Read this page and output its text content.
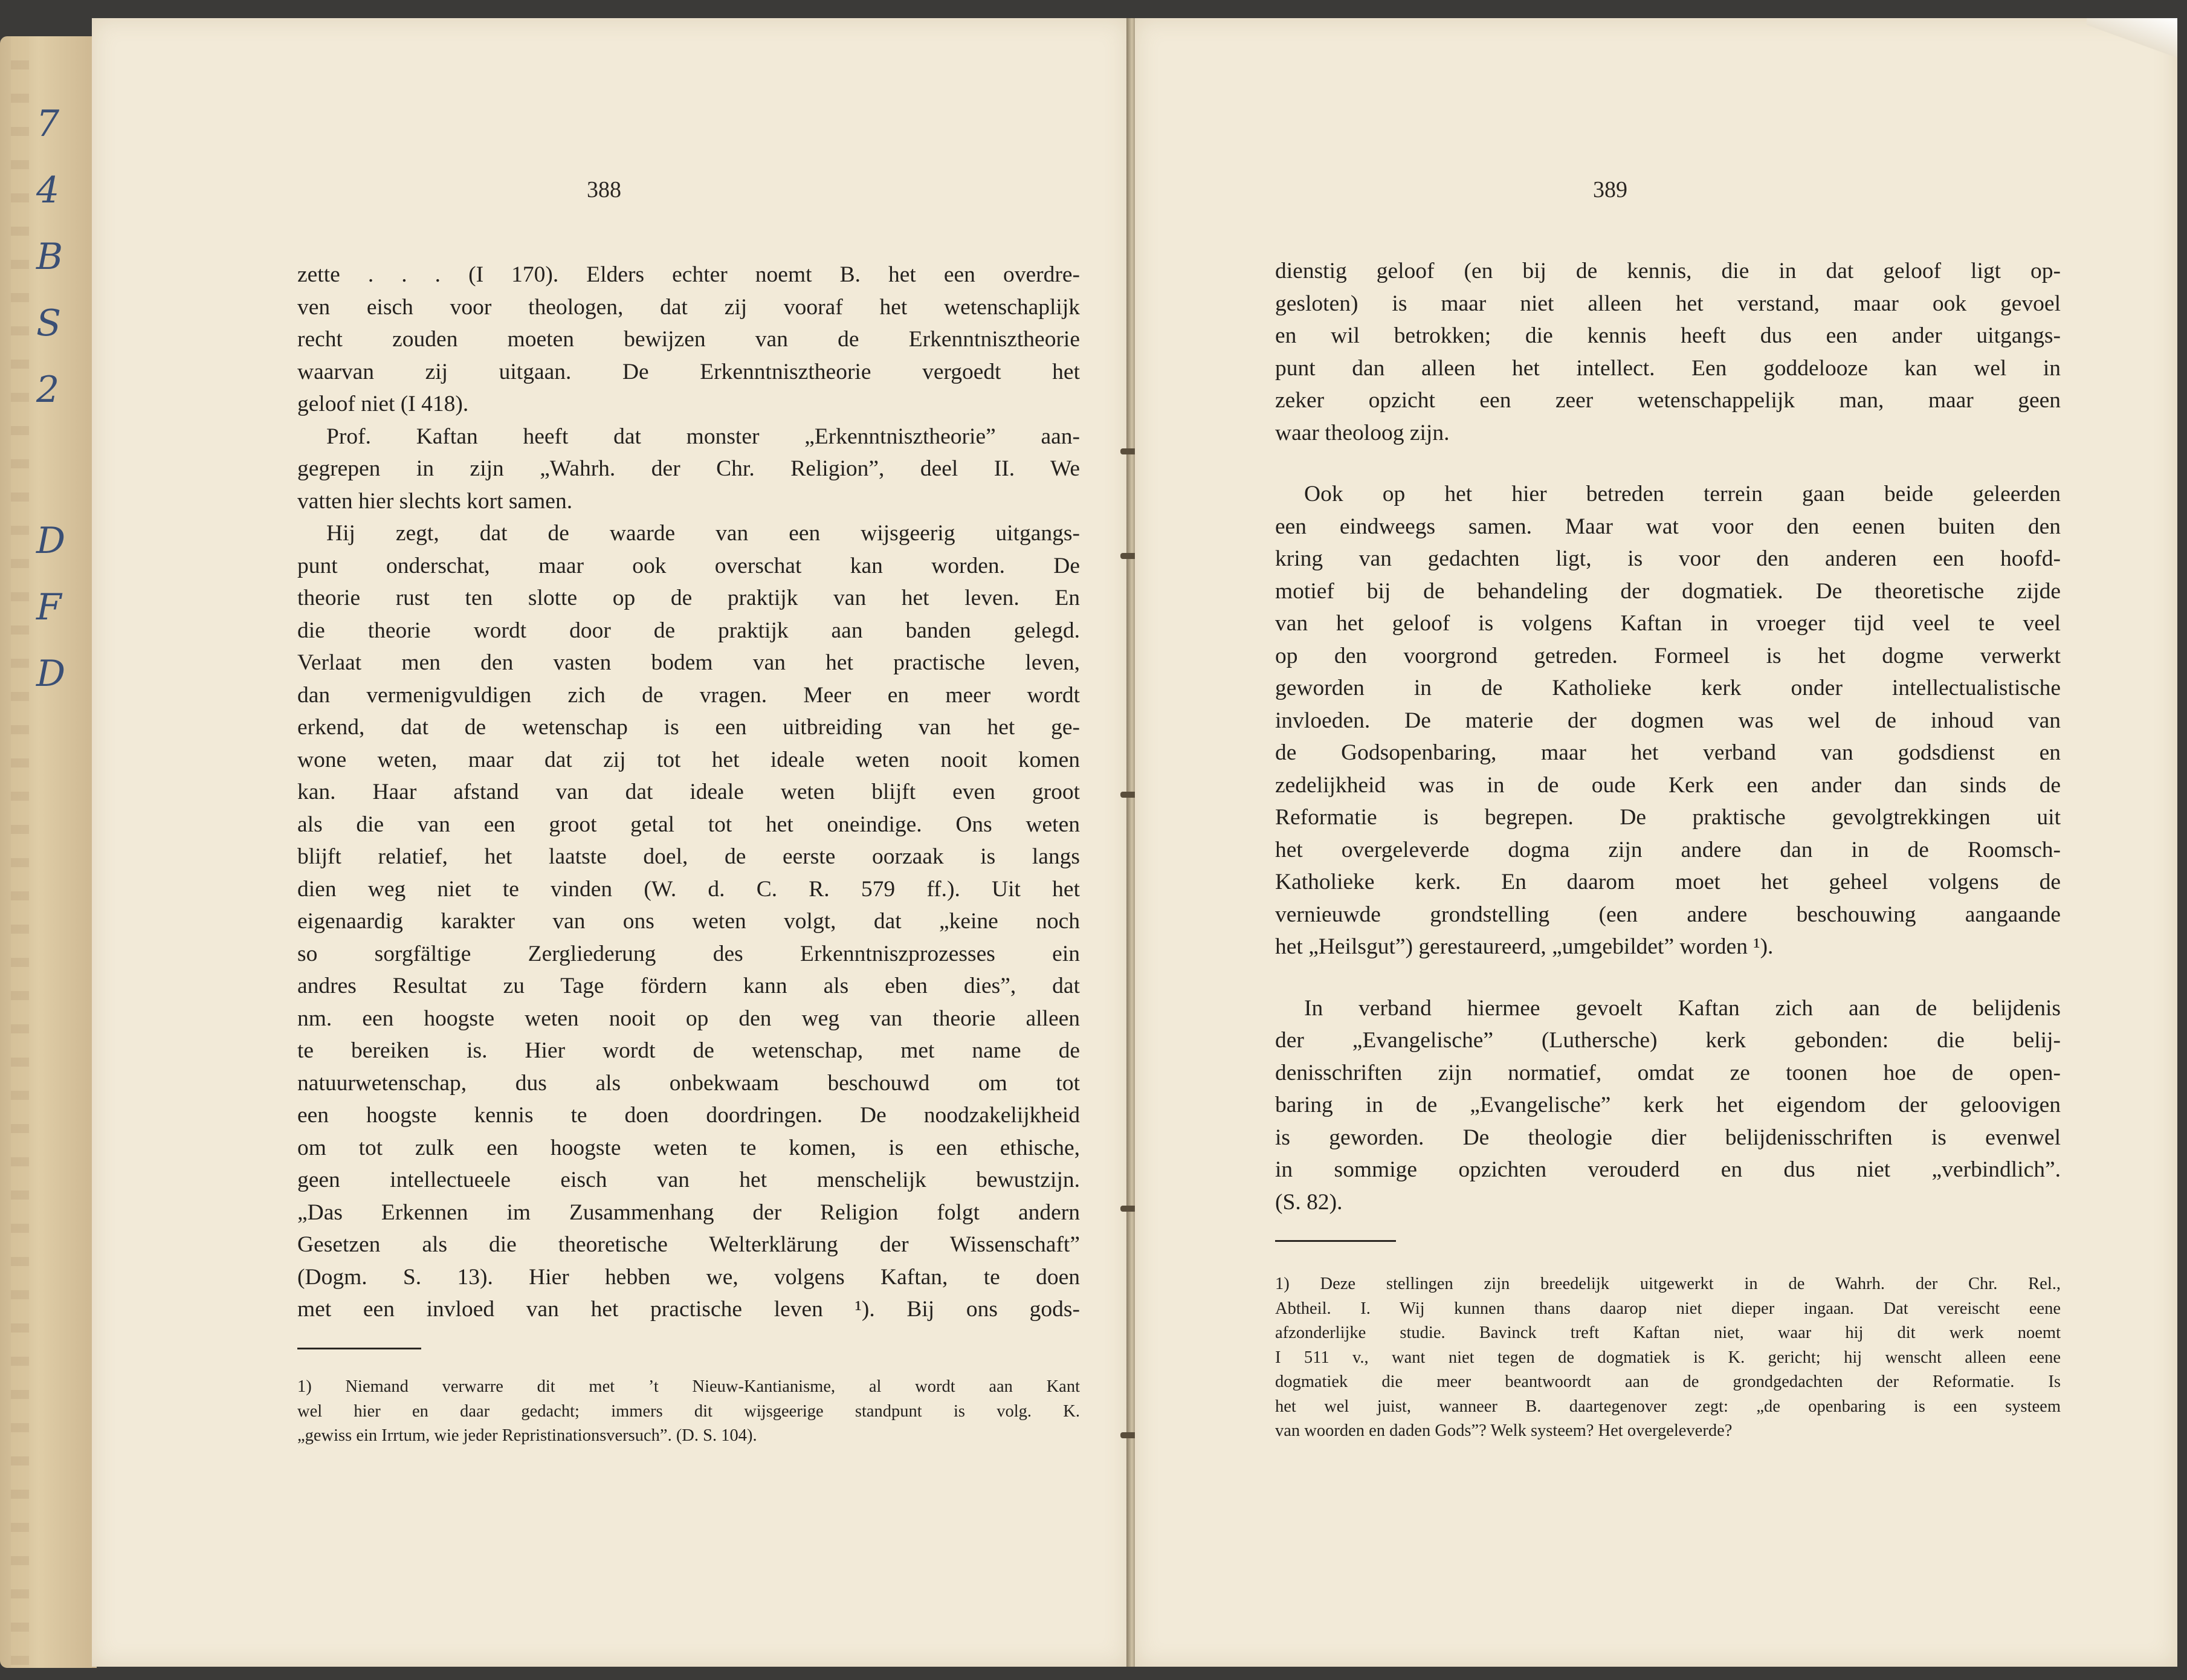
7
4
B
S
2
D
F
D
388
zette . . . (I 170). Elders echter noemt B. het een overdre-
ven eisch voor theologen, dat zij vooraf het wetenschaplijk
recht zouden moeten bewijzen van de Erkenntnisztheorie
waarvan zij uitgaan. De Erkenntnisztheorie vergoedt het
geloof niet (I 418).
Prof. Kaftan heeft dat monster „Erkenntnisztheorie” aan-
gegrepen in zijn „Wahrh. der Chr. Religion”, deel II. We
vatten hier slechts kort samen.
Hij zegt, dat de waarde van een wijsgeerig uitgangs-
punt onderschat, maar ook overschat kan worden. De
theorie rust ten slotte op de praktijk van het leven. En
die theorie wordt door de praktijk aan banden gelegd.
Verlaat men den vasten bodem van het practische leven,
dan vermenigvuldigen zich de vragen. Meer en meer wordt
erkend, dat de wetenschap is een uitbreiding van het ge-
wone weten, maar dat zij tot het ideale weten nooit komen
kan. Haar afstand van dat ideale weten blijft even groot
als die van een groot getal tot het oneindige. Ons weten
blijft relatief, het laatste doel, de eerste oorzaak is langs
dien weg niet te vinden (W. d. C. R. 579 ff.). Uit het
eigenaardig karakter van ons weten volgt, dat „keine noch
so sorgfältige Zergliederung des Erkenntniszprozesses ein
andres Resultat zu Tage fördern kann als eben dies”, dat
nm. een hoogste weten nooit op den weg van theorie alleen
te bereiken is. Hier wordt de wetenschap, met name de
natuurwetenschap, dus als onbekwaam beschouwd om tot
een hoogste kennis te doen doordringen. De noodzakelijkheid
om tot zulk een hoogste weten te komen, is een ethische,
geen intellectueele eisch van het menschelijk bewustzijn.
„Das Erkennen im Zusammenhang der Religion folgt andern
Gesetzen als die theoretische Welterklärung der Wissenschaft”
(Dogm. S. 13). Hier hebben we, volgens Kaftan, te doen
met een invloed van het practische leven ¹). Bij ons gods-
1) Niemand verwarre dit met ’t Nieuw-Kantianisme, al wordt aan Kant
wel hier en daar gedacht; immers dit wijsgeerige standpunt is volg. K.
„gewiss ein Irrtum, wie jeder Repristinationsversuch”. (D. S. 104).
389
dienstig geloof (en bij de kennis, die in dat geloof ligt op-
gesloten) is maar niet alleen het verstand, maar ook gevoel
en wil betrokken; die kennis heeft dus een ander uitgangs-
punt dan alleen het intellect. Een goddelooze kan wel in
zeker opzicht een zeer wetenschappelijk man, maar geen
waar theoloog zijn.
Ook op het hier betreden terrein gaan beide geleerden
een eindweegs samen. Maar wat voor den eenen buiten den
kring van gedachten ligt, is voor den anderen een hoofd-
motief bij de behandeling der dogmatiek. De theoretische zijde
van het geloof is volgens Kaftan in vroeger tijd veel te veel
op den voorgrond getreden. Formeel is het dogme verwerkt
geworden in de Katholieke kerk onder intellectualistische
invloeden. De materie der dogmen was wel de inhoud van
de Godsopenbaring, maar het verband van godsdienst en
zedelijkheid was in de oude Kerk een ander dan sinds de
Reformatie is begrepen. De praktische gevolgtrekkingen uit
het overgeleverde dogma zijn andere dan in de Roomsch-
Katholieke kerk. En daarom moet het geheel volgens de
vernieuwde grondstelling (een andere beschouwing aangaande
het „Heilsgut”) gerestaureerd, „umgebildet” worden ¹).
In verband hiermee gevoelt Kaftan zich aan de belijdenis
der „Evangelische” (Luthersche) kerk gebonden: die belij-
denisschriften zijn normatief, omdat ze toonen hoe de open-
baring in de „Evangelische” kerk het eigendom der geloovigen
is geworden. De theologie dier belijdenisschriften is evenwel
in sommige opzichten verouderd en dus niet „verbindlich”.
(S. 82).
1) Deze stellingen zijn breedelijk uitgewerkt in de Wahrh. der Chr. Rel.,
Abtheil. I. Wij kunnen thans daarop niet dieper ingaan. Dat vereischt eene
afzonderlijke studie. Bavinck treft Kaftan niet, waar hij dit werk noemt
I 511 v., want niet tegen de dogmatiek is K. gericht; hij wenscht alleen eene
dogmatiek die meer beantwoordt aan de grondgedachten der Reformatie. Is
het wel juist, wanneer B. daartegenover zegt: „de openbaring is een systeem
van woorden en daden Gods”? Welk systeem? Het overgeleverde?
